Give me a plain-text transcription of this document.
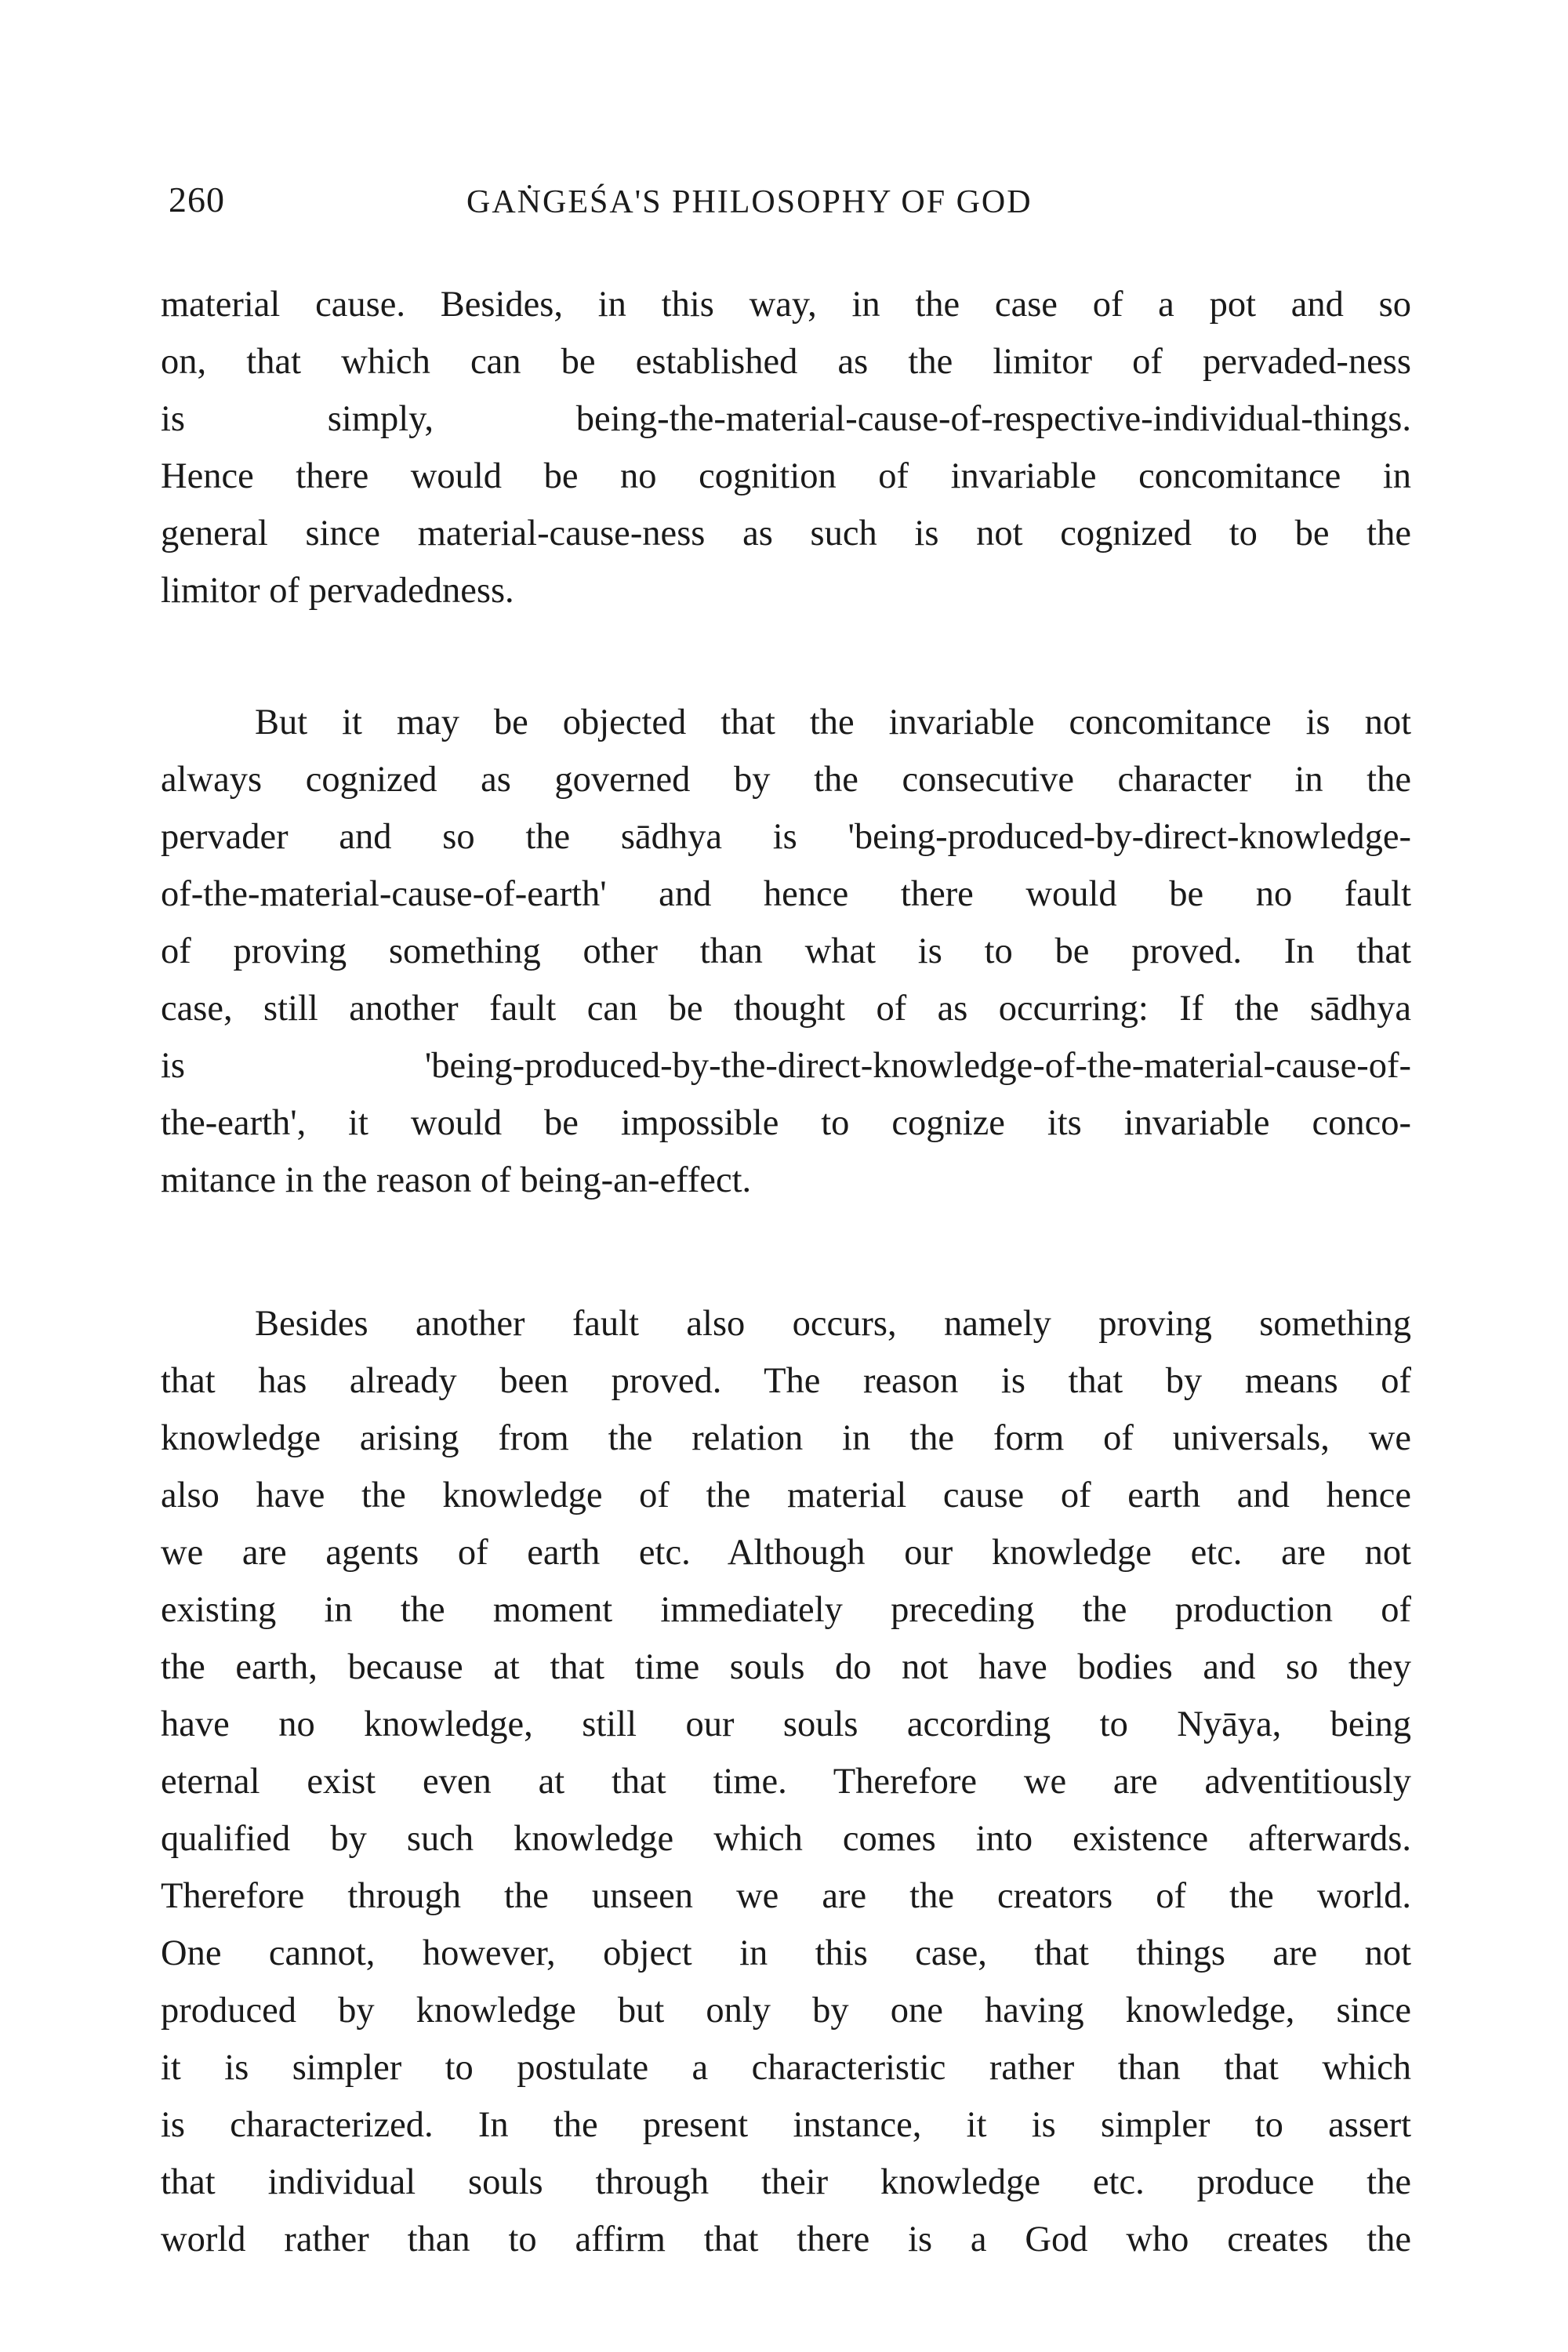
260	GAṄGEŚA'S PHILOSOPHY OF GOD

material cause. Besides, in this way, in the case of a pot and so
on, that which can be established as the limitor of pervaded-ness
is simply, being-the-material-cause-of-respective-individual-things.
Hence there would be no cognition of invariable concomitance in
general since material-cause-ness as such is not cognized to be the
limitor of pervadedness.

But it may be objected that the invariable concomitance is not
always cognized as governed by the consecutive character in the
pervader and so the sādhya is 'being-produced-by-direct-knowledge-
of-the-material-cause-of-earth' and hence there would be no fault
of proving something other than what is to be proved. In that
case, still another fault can be thought of as occurring: If the sādhya
is 'being-produced-by-the-direct-knowledge-of-the-material-cause-of-
the-earth', it would be impossible to cognize its invariable conco-
mitance in the reason of being-an-effect.

Besides another fault also occurs, namely proving something
that has already been proved. The reason is that by means of
knowledge arising from the relation in the form of universals, we
also have the knowledge of the material cause of earth and hence
we are agents of earth etc. Although our knowledge etc. are not
existing in the moment immediately preceding the production of
the earth, because at that time souls do not have bodies and so they
have no knowledge, still our souls according to Nyāya, being
eternal exist even at that time. Therefore we are adventitiously
qualified by such knowledge which comes into existence afterwards.
Therefore through the unseen we are the creators of the world.
One cannot, however, object in this case, that things are not
produced by knowledge but only by one having knowledge, since
it is simpler to postulate a characteristic rather than that which
is characterized. In the present instance, it is simpler to assert
that individual souls through their knowledge etc. produce the
world rather than to affirm that there is a God who creates the
